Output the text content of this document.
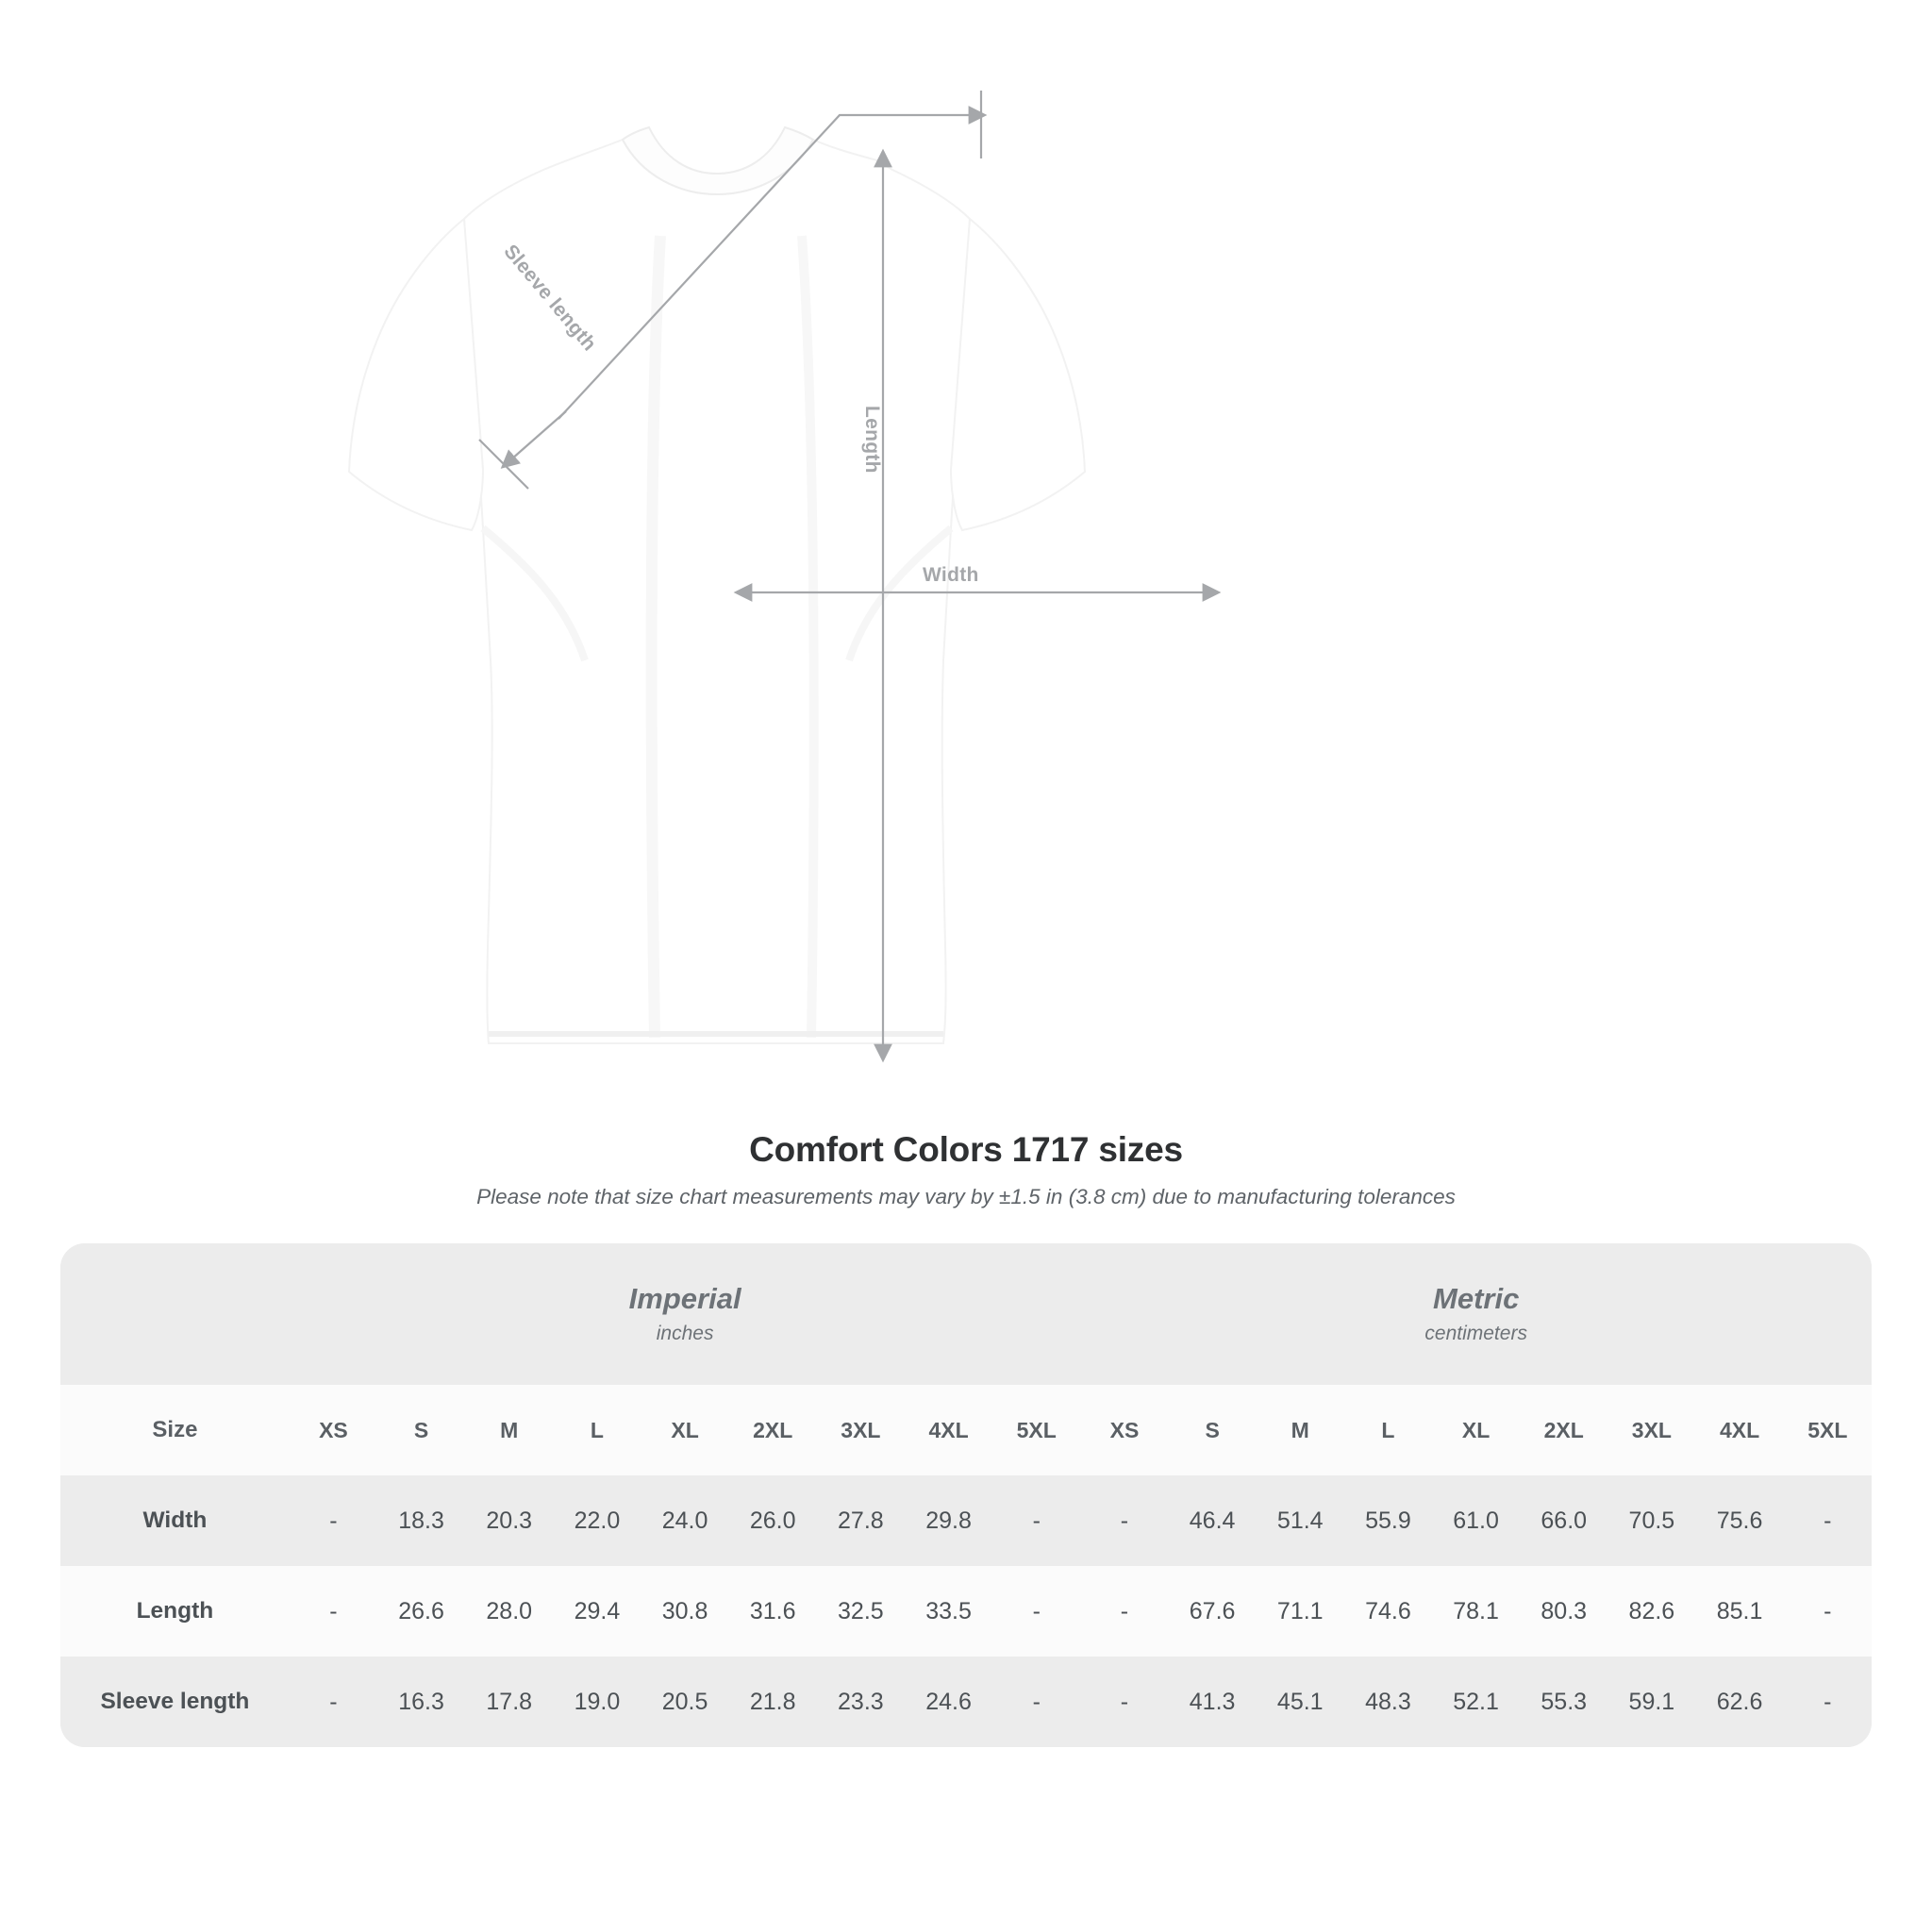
Width
Length
Sleeve length
Comfort Colors 1717 sizes
Please note that size chart measurements may vary by ±1.5 in (3.8 cm) due to manufacturing tolerances

Imperial
inches

Metric
centimeters

Size	XS	S	M	L	XL	2XL	3XL	4XL	5XL	XS	S	M	L	XL	2XL	3XL	4XL	5XL
Width	-	18.3	20.3	22.0	24.0	26.0	27.8	29.8	-	-	46.4	51.4	55.9	61.0	66.0	70.5	75.6	-
Length	-	26.6	28.0	29.4	30.8	31.6	32.5	33.5	-	-	67.6	71.1	74.6	78.1	80.3	82.6	85.1	-
Sleeve length	-	16.3	17.8	19.0	20.5	21.8	23.3	24.6	-	-	41.3	45.1	48.3	52.1	55.3	59.1	62.6	-
